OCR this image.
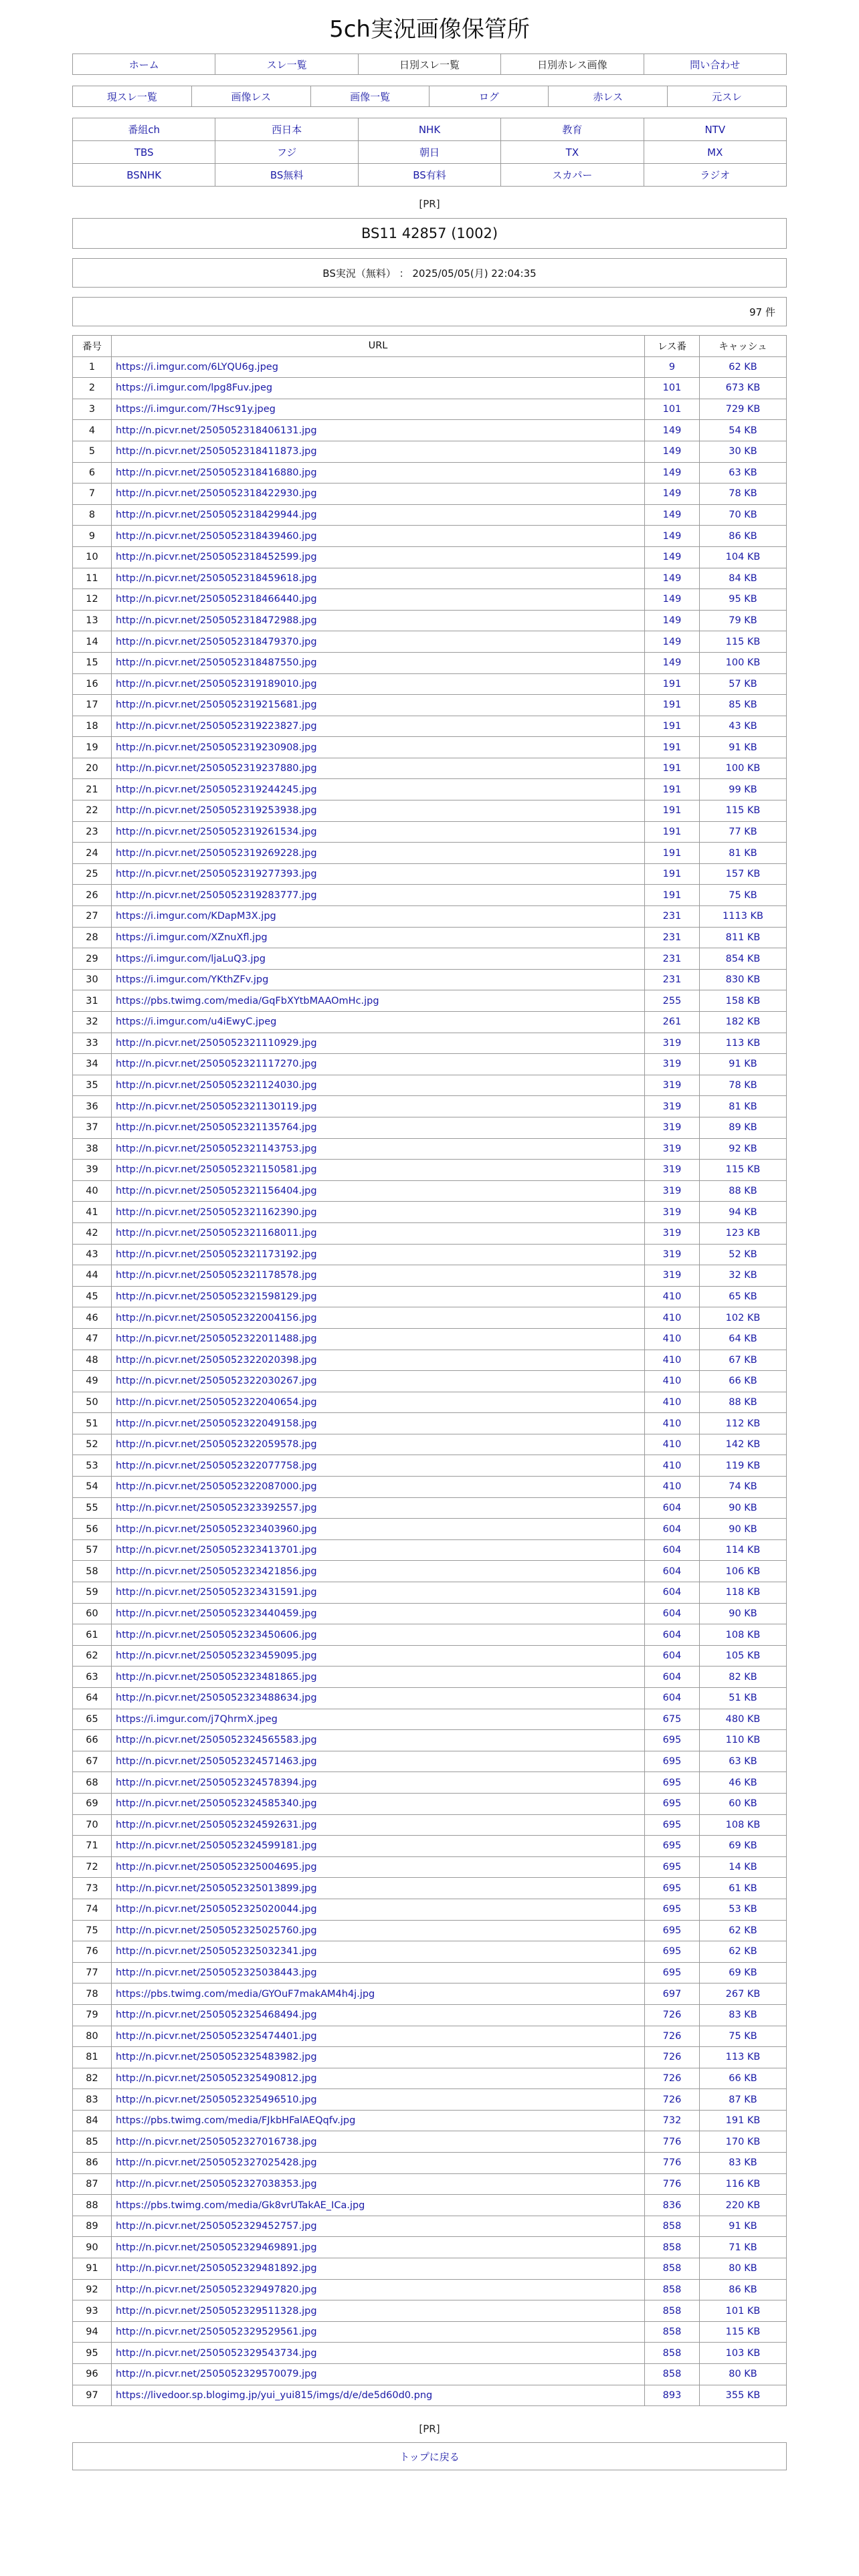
5ch実況画像保管所
ホーム	スレ一覧	日別スレ一覧	日別赤レス画像	問い合わせ
現スレ一覧	画像レス	画像一覧	ログ	赤レス	元スレ
番組ch	西日本	NHK	教育	NTV
TBS	フジ	朝日	TX	MX
BSNHK	BS無料	BS有料	スカパー	ラジオ
[PR]
BS11 42857 (1002)
BS実況（無料） ： 2025/05/05(月) 22:04:35
97 件
番号	URL	レス番	キャッシュ
1	https://i.imgur.com/6LYQU6g.jpeg	9	62 KB
2	https://i.imgur.com/lpg8Fuv.jpeg	101	673 KB
3	https://i.imgur.com/7Hsc91y.jpeg	101	729 KB
4	http://n.picvr.net/2505052318406131.jpg	149	54 KB
5	http://n.picvr.net/2505052318411873.jpg	149	30 KB
6	http://n.picvr.net/2505052318416880.jpg	149	63 KB
7	http://n.picvr.net/2505052318422930.jpg	149	78 KB
8	http://n.picvr.net/2505052318429944.jpg	149	70 KB
9	http://n.picvr.net/2505052318439460.jpg	149	86 KB
10	http://n.picvr.net/2505052318452599.jpg	149	104 KB
11	http://n.picvr.net/2505052318459618.jpg	149	84 KB
12	http://n.picvr.net/2505052318466440.jpg	149	95 KB
13	http://n.picvr.net/2505052318472988.jpg	149	79 KB
14	http://n.picvr.net/2505052318479370.jpg	149	115 KB
15	http://n.picvr.net/2505052318487550.jpg	149	100 KB
16	http://n.picvr.net/2505052319189010.jpg	191	57 KB
17	http://n.picvr.net/2505052319215681.jpg	191	85 KB
18	http://n.picvr.net/2505052319223827.jpg	191	43 KB
19	http://n.picvr.net/2505052319230908.jpg	191	91 KB
20	http://n.picvr.net/2505052319237880.jpg	191	100 KB
21	http://n.picvr.net/2505052319244245.jpg	191	99 KB
22	http://n.picvr.net/2505052319253938.jpg	191	115 KB
23	http://n.picvr.net/2505052319261534.jpg	191	77 KB
24	http://n.picvr.net/2505052319269228.jpg	191	81 KB
25	http://n.picvr.net/2505052319277393.jpg	191	157 KB
26	http://n.picvr.net/2505052319283777.jpg	191	75 KB
27	https://i.imgur.com/KDapM3X.jpg	231	1113 KB
28	https://i.imgur.com/XZnuXfl.jpg	231	811 KB
29	https://i.imgur.com/ljaLuQ3.jpg	231	854 KB
30	https://i.imgur.com/YKthZFv.jpg	231	830 KB
31	https://pbs.twimg.com/media/GqFbXYtbMAAOmHc.jpg	255	158 KB
32	https://i.imgur.com/u4iEwyC.jpeg	261	182 KB
33	http://n.picvr.net/2505052321110929.jpg	319	113 KB
34	http://n.picvr.net/2505052321117270.jpg	319	91 KB
35	http://n.picvr.net/2505052321124030.jpg	319	78 KB
36	http://n.picvr.net/2505052321130119.jpg	319	81 KB
37	http://n.picvr.net/2505052321135764.jpg	319	89 KB
38	http://n.picvr.net/2505052321143753.jpg	319	92 KB
39	http://n.picvr.net/2505052321150581.jpg	319	115 KB
40	http://n.picvr.net/2505052321156404.jpg	319	88 KB
41	http://n.picvr.net/2505052321162390.jpg	319	94 KB
42	http://n.picvr.net/2505052321168011.jpg	319	123 KB
43	http://n.picvr.net/2505052321173192.jpg	319	52 KB
44	http://n.picvr.net/2505052321178578.jpg	319	32 KB
45	http://n.picvr.net/2505052321598129.jpg	410	65 KB
46	http://n.picvr.net/2505052322004156.jpg	410	102 KB
47	http://n.picvr.net/2505052322011488.jpg	410	64 KB
48	http://n.picvr.net/2505052322020398.jpg	410	67 KB
49	http://n.picvr.net/2505052322030267.jpg	410	66 KB
50	http://n.picvr.net/2505052322040654.jpg	410	88 KB
51	http://n.picvr.net/2505052322049158.jpg	410	112 KB
52	http://n.picvr.net/2505052322059578.jpg	410	142 KB
53	http://n.picvr.net/2505052322077758.jpg	410	119 KB
54	http://n.picvr.net/2505052322087000.jpg	410	74 KB
55	http://n.picvr.net/2505052323392557.jpg	604	90 KB
56	http://n.picvr.net/2505052323403960.jpg	604	90 KB
57	http://n.picvr.net/2505052323413701.jpg	604	114 KB
58	http://n.picvr.net/2505052323421856.jpg	604	106 KB
59	http://n.picvr.net/2505052323431591.jpg	604	118 KB
60	http://n.picvr.net/2505052323440459.jpg	604	90 KB
61	http://n.picvr.net/2505052323450606.jpg	604	108 KB
62	http://n.picvr.net/2505052323459095.jpg	604	105 KB
63	http://n.picvr.net/2505052323481865.jpg	604	82 KB
64	http://n.picvr.net/2505052323488634.jpg	604	51 KB
65	https://i.imgur.com/j7QhrmX.jpeg	675	480 KB
66	http://n.picvr.net/2505052324565583.jpg	695	110 KB
67	http://n.picvr.net/2505052324571463.jpg	695	63 KB
68	http://n.picvr.net/2505052324578394.jpg	695	46 KB
69	http://n.picvr.net/2505052324585340.jpg	695	60 KB
70	http://n.picvr.net/2505052324592631.jpg	695	108 KB
71	http://n.picvr.net/2505052324599181.jpg	695	69 KB
72	http://n.picvr.net/2505052325004695.jpg	695	14 KB
73	http://n.picvr.net/2505052325013899.jpg	695	61 KB
74	http://n.picvr.net/2505052325020044.jpg	695	53 KB
75	http://n.picvr.net/2505052325025760.jpg	695	62 KB
76	http://n.picvr.net/2505052325032341.jpg	695	62 KB
77	http://n.picvr.net/2505052325038443.jpg	695	69 KB
78	https://pbs.twimg.com/media/GYOuF7makAM4h4j.jpg	697	267 KB
79	http://n.picvr.net/2505052325468494.jpg	726	83 KB
80	http://n.picvr.net/2505052325474401.jpg	726	75 KB
81	http://n.picvr.net/2505052325483982.jpg	726	113 KB
82	http://n.picvr.net/2505052325490812.jpg	726	66 KB
83	http://n.picvr.net/2505052325496510.jpg	726	87 KB
84	https://pbs.twimg.com/media/FJkbHFalAEQqfv.jpg	732	191 KB
85	http://n.picvr.net/2505052327016738.jpg	776	170 KB
86	http://n.picvr.net/2505052327025428.jpg	776	83 KB
87	http://n.picvr.net/2505052327038353.jpg	776	116 KB
88	https://pbs.twimg.com/media/Gk8vrUTakAE_ICa.jpg	836	220 KB
89	http://n.picvr.net/2505052329452757.jpg	858	91 KB
90	http://n.picvr.net/2505052329469891.jpg	858	71 KB
91	http://n.picvr.net/2505052329481892.jpg	858	80 KB
92	http://n.picvr.net/2505052329497820.jpg	858	86 KB
93	http://n.picvr.net/2505052329511328.jpg	858	101 KB
94	http://n.picvr.net/2505052329529561.jpg	858	115 KB
95	http://n.picvr.net/2505052329543734.jpg	858	103 KB
96	http://n.picvr.net/2505052329570079.jpg	858	80 KB
97	https://livedoor.sp.blogimg.jp/yui_yui815/imgs/d/e/de5d60d0.png	893	355 KB
[PR]
トップに戻る
